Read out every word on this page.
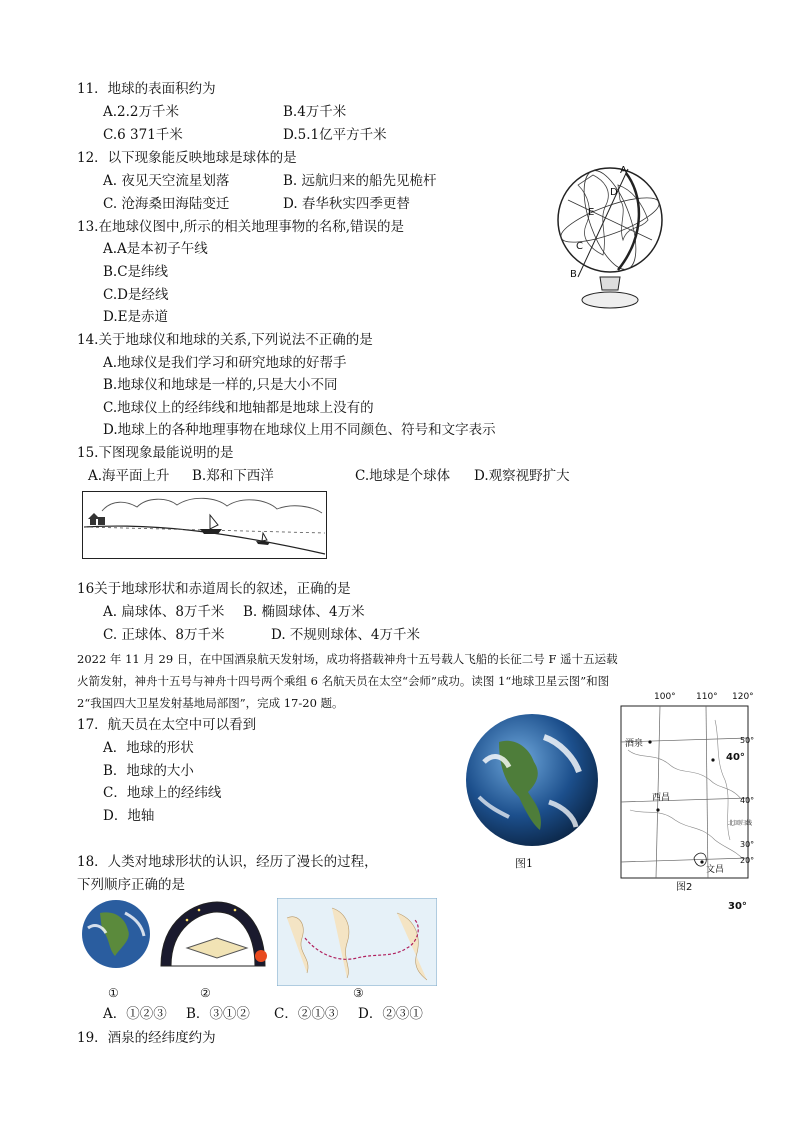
11．地球的表面积约为
A.2.2万千米	B.4万千米
C.6 371千米	D.5.1亿平方千米
12．以下现象能反映地球是球体的是
A. 夜见天空流星划落	B. 远航归来的船先见桅杆
C. 沧海桑田海陆变迁	D. 春华秋实四季更替
13.在地球仪图中,所示的相关地理事物的名称,错误的是
A.A是本初子午线
B.C是纬线
C.D是经线
D.E是赤道
A
B
C
D
E
14.关于地球仪和地球的关系,下列说法不正确的是
A.地球仪是我们学习和研究地球的好帮手
B.地球仪和地球是一样的,只是大小不同
C.地球仪上的经纬线和地轴都是地球上没有的
D.地球上的各种地理事物在地球仪上用不同颜色、符号和文字表示
15.下图现象最能说明的是
A.海平面上升 B.郑和下西洋	C.地球是个球体 D.观察视野扩大
16关于地球形状和赤道周长的叙述，正确的是
A. 扁球体、8万千米 B. 椭圆球体、4万米
C. 正球体、8万千米	D. 不规则球体、4万千米
2022 年 11 月 29 日，在中国酒泉航天发射场，成功将搭载神舟十五号载人飞船的长征二号 F 遥十五运载
火箭发射，神舟十五号与神舟十四号两个乘组 6 名航天员在太空“会师”成功。读图 1“地球卫星云图”和图
2“我国四大卫星发射基地局部图”，完成 17-20 题。
17．航天员在太空中可以看到
A．地球的形状
B．地球的大小
C．地球上的经纬线
D．地轴
图1
100° 110° 120°
50°
40°
30°
20°
酒泉
西昌
文昌
北回归线
40°
图2
30°
18．人类对地球形状的认识，经历了漫长的过程，
下列顺序正确的是
①	②	③
A．①②③ B．③①② C．②①③ D．②③①
19．酒泉的经纬度约为
